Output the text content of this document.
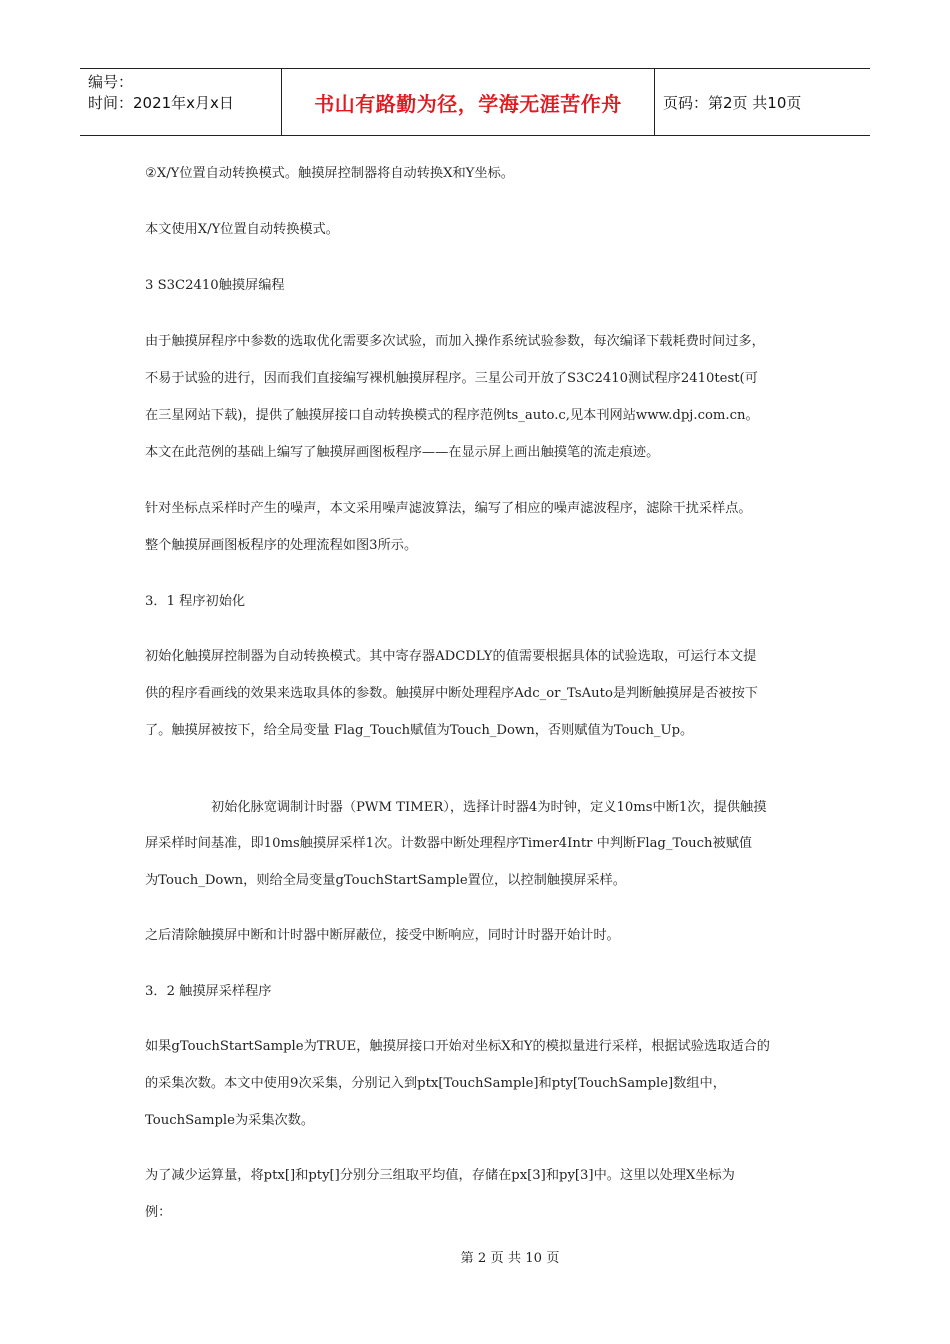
编号：
时间：2021年x月x日	书山有路勤为径，学海无涯苦作舟	页码：第2页 共10页
②X/Y位置自动转换模式。触摸屏控制器将自动转换X和Y坐标。
本文使用X/Y位置自动转换模式。
3 S3C2410触摸屏编程
由于触摸屏程序中参数的选取优化需要多次试验，而加入操作系统试验参数，每次编译下载耗费时间过多，
不易于试验的进行，因而我们直接编写裸机触摸屏程序。三星公司开放了S3C2410测试程序2410test(可
在三星网站下载)，提供了触摸屏接口自动转换模式的程序范例ts_auto.c,见本刊网站www.dpj.com.cn。
本文在此范例的基础上编写了触摸屏画图板程序——在显示屏上画出触摸笔的流走痕迹。
针对坐标点采样时产生的噪声，本文采用噪声滤波算法，编写了相应的噪声滤波程序，滤除干扰采样点。
整个触摸屏画图板程序的处理流程如图3所示。
3．1 程序初始化
初始化触摸屏控制器为自动转换模式。其中寄存器ADCDLY的值需要根据具体的试验选取，可运行本文提
供的程序看画线的效果来选取具体的参数。触摸屏中断处理程序Adc_or_TsAuto是判断触摸屏是否被按下
了。触摸屏被按下，给全局变量 Flag_Touch赋值为Touch_Down，否则赋值为Touch_Up。
初始化脉宽调制计时器（PWM TIMER），选择计时器4为时钟，定义10ms中断1次，提供触摸
屏采样时间基准，即10ms触摸屏采样1次。计数器中断处理程序Timer4Intr 中判断Flag_Touch被赋值
为Touch_Down，则给全局变量gTouchStartSample置位，以控制触摸屏采样。
之后清除触摸屏中断和计时器中断屏蔽位，接受中断响应，同时计时器开始计时。
3．2 触摸屏采样程序
如果gTouchStartSample为TRUE，触摸屏接口开始对坐标X和Y的模拟量进行采样，根据试验选取适合的
的采集次数。本文中使用9次采集，分别记入到ptx[TouchSample]和pty[TouchSample]数组中，
TouchSample为采集次数。
为了减少运算量，将ptx[]和pty[]分别分三组取平均值，存储在px[3]和py[3]中。这里以处理X坐标为
例：
第 2 页 共 10 页
